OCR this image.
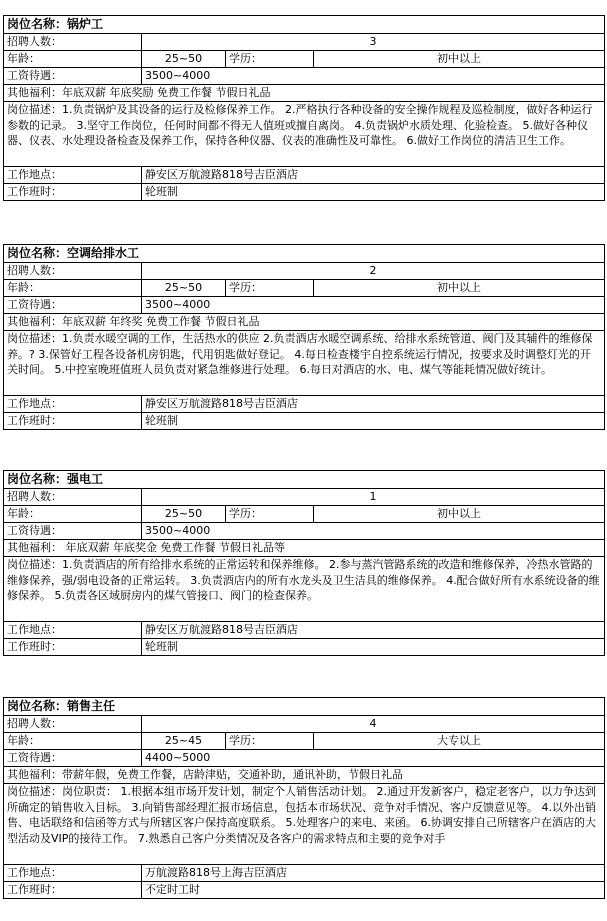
岗位名称：锅炉工			
招聘人数：	3		
年龄：	25~50	学历：	初中以上
工资待遇：	3500~4000		
其他福利：年底双薪 年底奖励 免费工作餐 节假日礼品			
岗位描述：1.负责锅炉及其设备的运行及检修保养工作。 2.严格执行各种设备的安全操作规程及巡检制度，做好各种运行参数的记录。 3.坚守工作岗位，任何时间都不得无人值班或擅自离岗。 4.负责锅炉水质处理、化验检查。 5.做好各种仪器、仪表、水处理设备检查及保养工作，保持各种仪器、仪表的准确性及可靠性。 6.做好工作岗位的清洁卫生工作。			
工作地点：	静安区万航渡路818号吉臣酒店		
工作班时：	轮班制		
岗位名称：空调给排水工			
招聘人数：	2		
年龄：	25~50	学历：	初中以上
工资待遇：	3500~4000		
其他福利：年底双薪 年终奖 免费工作餐 节假日礼品			
岗位描述：1.负责水暖空调的工作，生活热水的供应 2.负责酒店水暖空调系统、给排水系统管道、阀门及其辅件的维修保养。? 3.保管好工程各设备机房钥匙，代用钥匙做好登记。 4.每日检查楼宇自控系统运行情况，按要求及时调整灯光的开关时间。 5.中控室晚班值班人员负责对紧急维修进行处理。 6.每日对酒店的水、电、煤气等能耗情况做好统计。			
工作地点：	静安区万航渡路818号吉臣酒店		
工作班时：	轮班制		
岗位名称：强电工			
招聘人数：	1		
年龄：	25~50	学历：	初中以上
工资待遇：	3500~4000		
其他福利： 年底双薪 年底奖金 免费工作餐 节假日礼品等			
岗位描述：1.负责酒店的所有给排水系统的正常运转和保养维修。 2.参与蒸汽管路系统的改造和维修保养，冷热水管路的维修保养，强/弱电设备的正常运转。 3.负责酒店内的所有水龙头及卫生洁具的维修保养。 4.配合做好所有水系统设备的维修保养。 5.负责各区域厨房内的煤气管接口、阀门的检查保养。			
工作地点：	静安区万航渡路818号吉臣酒店		
工作班时：	轮班制		
岗位名称：销售主任			
招聘人数：	4		
年龄：	25~45	学历：	大专以上
工资待遇：	4400~5000		
其他福利：带薪年假，免费工作餐，店龄津贴，交通补助，通讯补助，节假日礼品			
岗位描述：岗位职责： 1.根据本组市场开发计划，制定个人销售活动计划。 2.通过开发新客户，稳定老客户，以力争达到所确定的销售收入目标。 3.向销售部经理汇报市场信息，包括本市场状况、竞争对手情况、客户反馈意见等。 4.以外出销售、电话联络和信函等方式与所辖区客户保持高度联系。 5.处理客户的来电、来函。 6.协调安排自己所辖客户在酒店的大型活动及VIP的接待工作。 7.熟悉自己客户分类情况及各客户的需求特点和主要的竞争对手			
工作地点：	万航渡路818号上海吉臣酒店		
工作班时：	不定时工时		
